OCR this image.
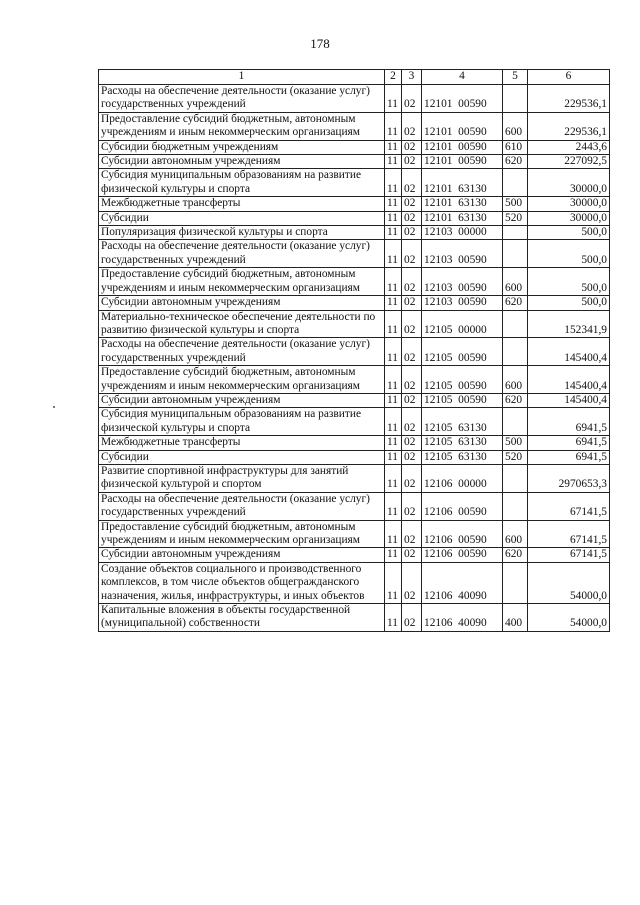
178
1	2	3	4	5	6
Расходы на обеспечение деятельности (оказание услуг) государственных учреждений	11	02	12101  00590		229536,1
Предоставление субсидий бюджетным, автономным учреждениям и иным некоммерческим организациям	11	02	12101  00590	600	229536,1
Субсидии бюджетным учреждениям	11	02	12101  00590	610	2443,6
Субсидии автономным учреждениям	11	02	12101  00590	620	227092,5
Субсидия муниципальным образованиям на развитие физической культуры и спорта	11	02	12101  63130		30000,0
Межбюджетные трансферты	11	02	12101  63130	500	30000,0
Субсидии	11	02	12101  63130	520	30000,0
Популяризация физической культуры и спорта	11	02	12103  00000		500,0
Расходы на обеспечение деятельности (оказание услуг) государственных учреждений	11	02	12103  00590		500,0
Предоставление субсидий бюджетным, автономным учреждениям и иным некоммерческим организациям	11	02	12103  00590	600	500,0
Субсидии автономным учреждениям	11	02	12103  00590	620	500,0
Материально-техническое обеспечение деятельности по развитию физической культуры и спорта	11	02	12105  00000		152341,9
Расходы на обеспечение деятельности (оказание услуг) государственных учреждений	11	02	12105  00590		145400,4
Предоставление субсидий бюджетным, автономным учреждениям и иным некоммерческим организациям	11	02	12105  00590	600	145400,4
Субсидии автономным учреждениям	11	02	12105  00590	620	145400,4
Субсидия муниципальным образованиям на развитие физической культуры и спорта	11	02	12105  63130		6941,5
Межбюджетные трансферты	11	02	12105  63130	500	6941,5
Субсидии	11	02	12105  63130	520	6941,5
Развитие спортивной инфраструктуры для занятий физической культурой и спортом	11	02	12106  00000		2970653,3
Расходы на обеспечение деятельности (оказание услуг) государственных учреждений	11	02	12106  00590		67141,5
Предоставление субсидий бюджетным, автономным учреждениям и иным некоммерческим организациям	11	02	12106  00590	600	67141,5
Субсидии автономным учреждениям	11	02	12106  00590	620	67141,5
Создание объектов социального и производственного комплексов, в том числе объектов общегражданского назначения, жилья, инфраструктуры, и иных объектов	11	02	12106  40090		54000,0
Капитальные вложения в объекты государственной (муниципальной) собственности	11	02	12106  40090	400	54000,0
